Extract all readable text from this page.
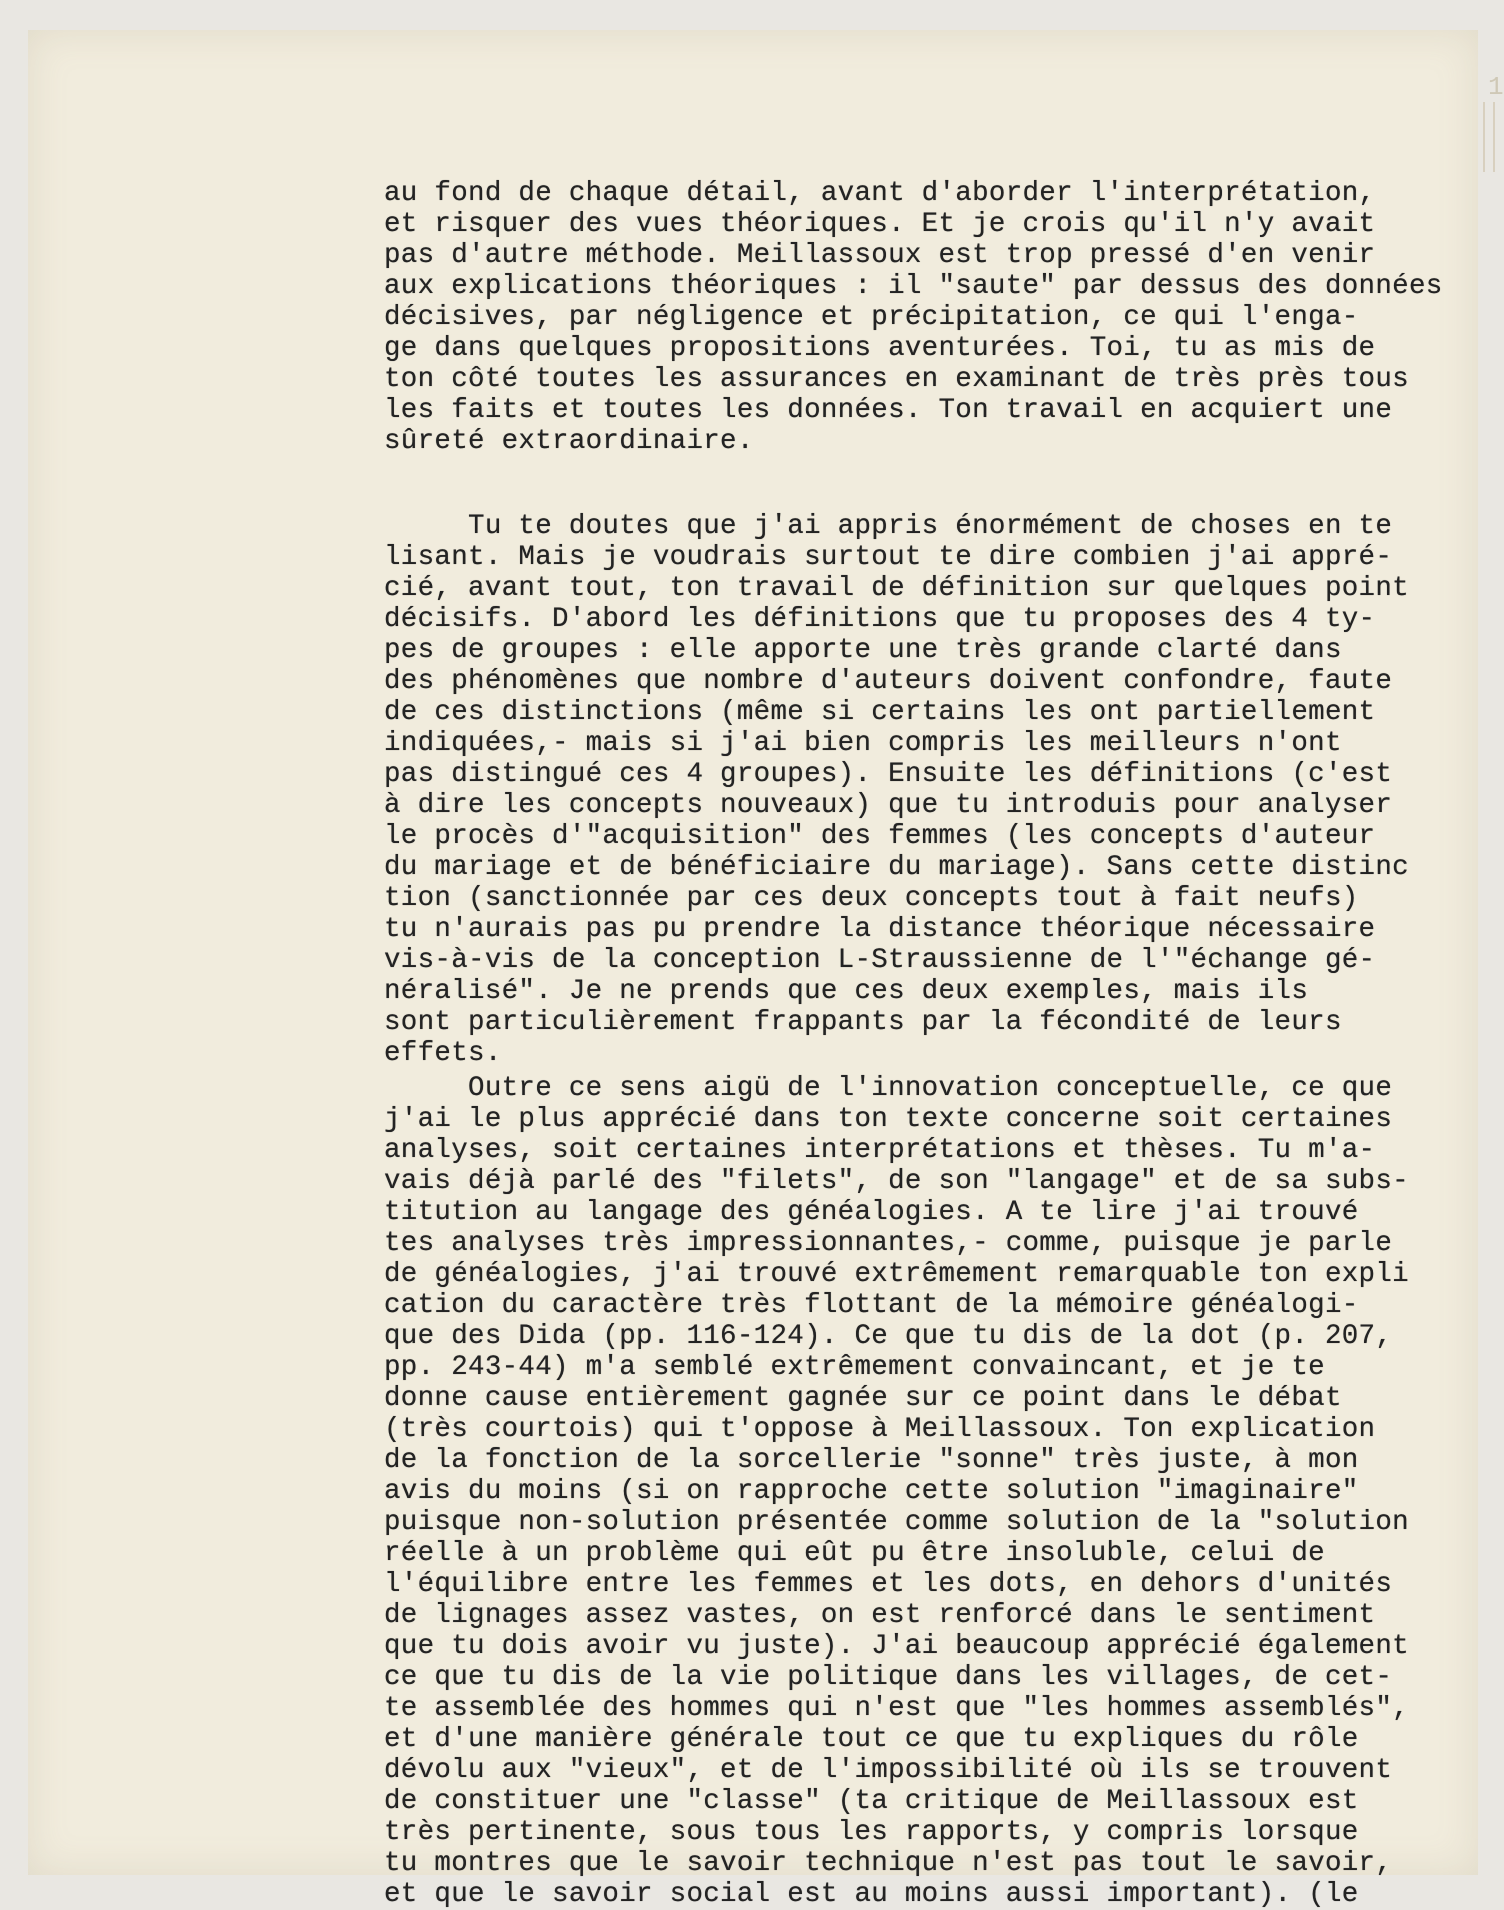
1
au fond de chaque détail, avant d'aborder l'interprétation,
et risquer des vues théoriques. Et je crois qu'il n'y avait
pas d'autre méthode. Meillassoux est trop pressé d'en venir
aux explications théoriques : il "saute" par dessus des données
décisives, par négligence et précipitation, ce qui l'enga-
ge dans quelques propositions aventurées. Toi, tu as mis de
ton côté toutes les assurances en examinant de très près tous
les faits et toutes les données. Ton travail en acquiert une
sûreté extraordinaire.
Tu te doutes que j'ai appris énormément de choses en te
lisant. Mais je voudrais surtout te dire combien j'ai appré-
cié, avant tout, ton travail de définition sur quelques point
décisifs. D'abord les définitions que tu proposes des 4 ty-
pes de groupes : elle apporte une très grande clarté dans
des phénomènes que nombre d'auteurs doivent confondre, faute
de ces distinctions (même si certains les ont partiellement
indiquées,- mais si j'ai bien compris les meilleurs n'ont
pas distingué ces 4 groupes). Ensuite les définitions (c'est
à dire les concepts nouveaux) que tu introduis pour analyser
le procès d'"acquisition" des femmes (les concepts d'auteur
du mariage et de bénéficiaire du mariage). Sans cette distinc
tion (sanctionnée par ces deux concepts tout à fait neufs)
tu n'aurais pas pu prendre la distance théorique nécessaire
vis-à-vis de la conception L-Straussienne de l'"échange gé-
néralisé". Je ne prends que ces deux exemples, mais ils
sont particulièrement frappants par la fécondité de leurs
effets.
Outre ce sens aigü de l'innovation conceptuelle, ce que
j'ai le plus apprécié dans ton texte concerne soit certaines
analyses, soit certaines interprétations et thèses. Tu m'a-
vais déjà parlé des "filets", de son "langage" et de sa subs-
titution au langage des généalogies. A te lire j'ai trouvé
tes analyses très impressionnantes,- comme, puisque je parle
de généalogies, j'ai trouvé extrêmement remarquable ton expli
cation du caractère très flottant de la mémoire généalogi-
que des Dida (pp. 116-124). Ce que tu dis de la dot (p. 207,
pp. 243-44) m'a semblé extrêmement convaincant, et je te
donne cause entièrement gagnée sur ce point dans le débat
(très courtois) qui t'oppose à Meillassoux. Ton explication
de la fonction de la sorcellerie "sonne" très juste, à mon
avis du moins (si on rapproche cette solution "imaginaire"
puisque non-solution présentée comme solution de la "solution
réelle à un problème qui eût pu être insoluble, celui de
l'équilibre entre les femmes et les dots, en dehors d'unités
de lignages assez vastes, on est renforcé dans le sentiment
que tu dois avoir vu juste). J'ai beaucoup apprécié également
ce que tu dis de la vie politique dans les villages, de cet-
te assemblée des hommes qui n'est que "les hommes assemblés",
et d'une manière générale tout ce que tu expliques du rôle
dévolu aux "vieux", et de l'impossibilité où ils se trouvent
de constituer une "classe" (ta critique de Meillassoux est
très pertinente, sous tous les rapports, y compris lorsque
tu montres que le savoir technique n'est pas tout le savoir,
et que le savoir social est au moins aussi important). (le
